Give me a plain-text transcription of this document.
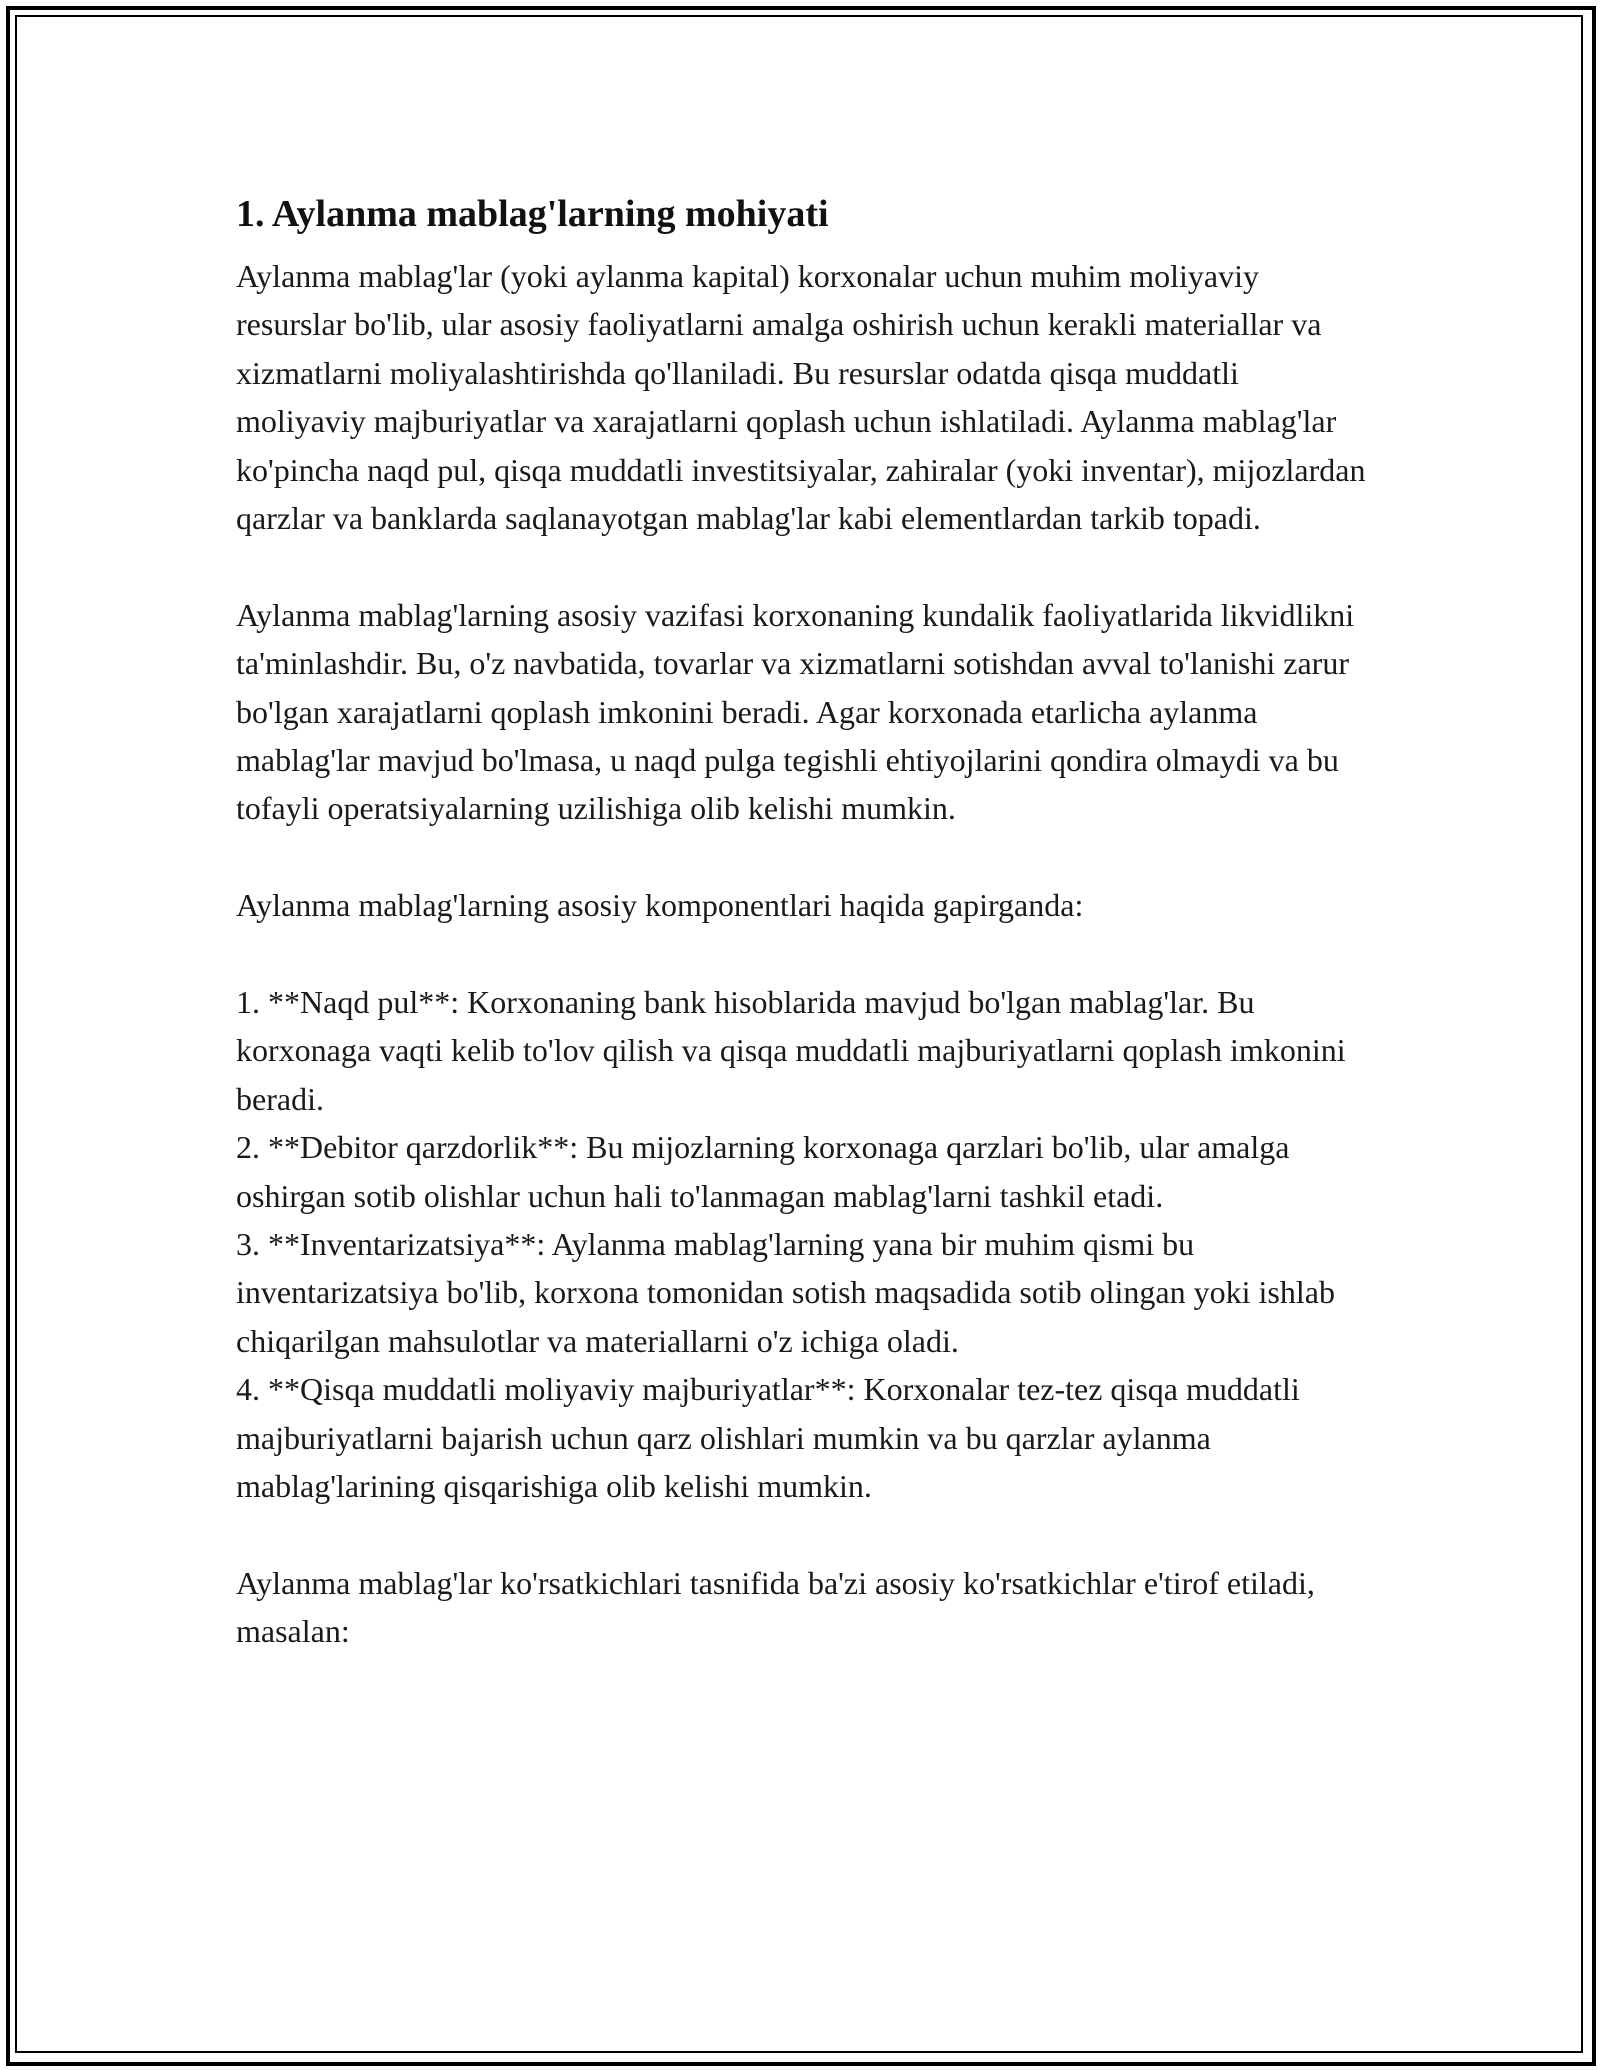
1. Aylanma mablag'larning mohiyati

Aylanma mablag'lar (yoki aylanma kapital) korxonalar uchun muhim moliyaviy resurslar bo'lib, ular asosiy faoliyatlarni amalga oshirish uchun kerakli materiallar va xizmatlarni moliyalashtirishda qo'llaniladi. Bu resurslar odatda qisqa muddatli moliyaviy majburiyatlar va xarajatlarni qoplash uchun ishlatiladi. Aylanma mablag'lar ko'pincha naqd pul, qisqa muddatli investitsiyalar, zahiralar (yoki inventar), mijozlardan qarzlar va banklarda saqlanayotgan mablag'lar kabi elementlardan tarkib topadi.

Aylanma mablag'larning asosiy vazifasi korxonaning kundalik faoliyatlarida likvidlikni ta'minlashdir. Bu, o'z navbatida, tovarlar va xizmatlarni sotishdan avval to'lanishi zarur bo'lgan xarajatlarni qoplash imkonini beradi. Agar korxonada etarlicha aylanma mablag'lar mavjud bo'lmasa, u naqd pulga tegishli ehtiyojlarini qondira olmaydi va bu tofayli operatsiyalarning uzilishiga olib kelishi mumkin.

Aylanma mablag'larning asosiy komponentlari haqida gapirganda:

1. **Naqd pul**: Korxonaning bank hisoblarida mavjud bo'lgan mablag'lar. Bu korxonaga vaqti kelib to'lov qilish va qisqa muddatli majburiyatlarni qoplash imkonini beradi.

2. **Debitor qarzdorlik**: Bu mijozlarning korxonaga qarzlari bo'lib, ular amalga oshirgan sotib olishlar uchun hali to'lanmagan mablag'larni tashkil etadi.

3. **Inventarizatsiya**: Aylanma mablag'larning yana bir muhim qismi bu inventarizatsiya bo'lib, korxona tomonidan sotish maqsadida sotib olingan yoki ishlab chiqarilgan mahsulotlar va materiallarni o'z ichiga oladi.

4. **Qisqa muddatli moliyaviy majburiyatlar**: Korxonalar tez-tez qisqa muddatli majburiyatlarni bajarish uchun qarz olishlari mumkin va bu qarzlar aylanma mablag'larining qisqarishiga olib kelishi mumkin.

Aylanma mablag'lar ko'rsatkichlari tasnifida ba'zi asosiy ko'rsatkichlar e'tirof etiladi, masalan:
